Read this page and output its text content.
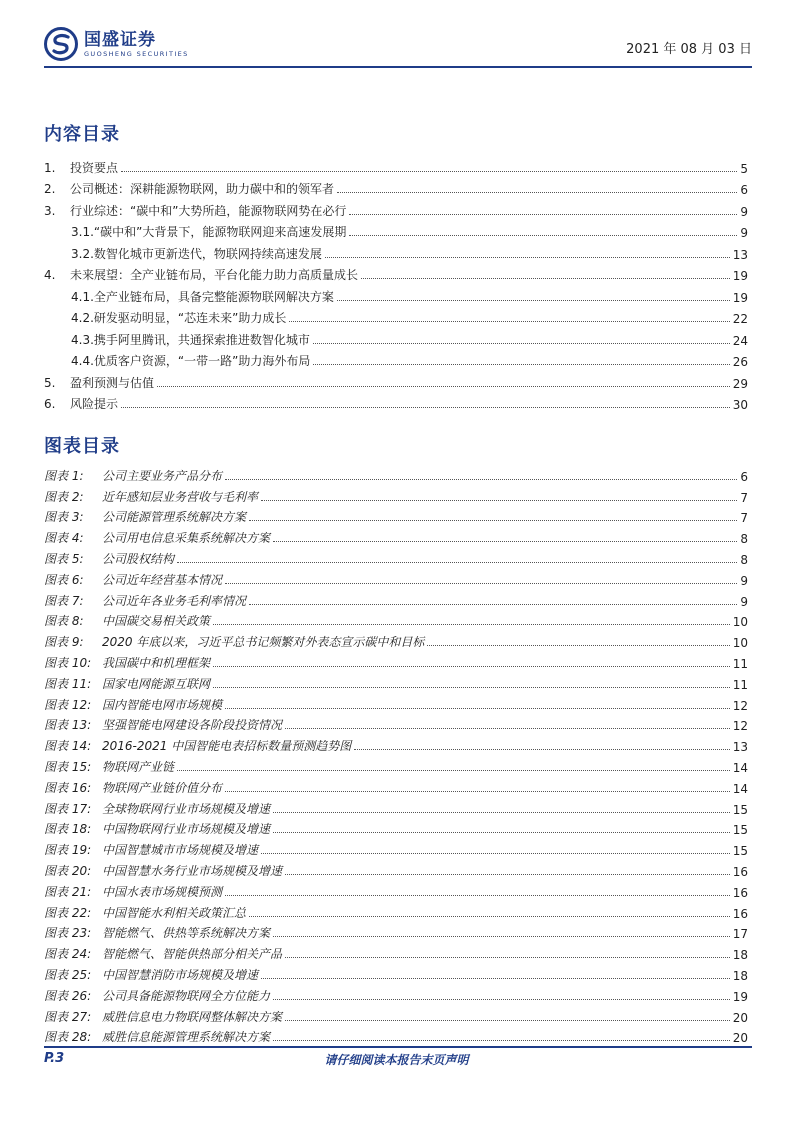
国盛证券
GUOSHENG SECURITIES	2021 年 08 月 03 日
内容目录
1. 投资要点	5
2. 公司概述：深耕能源物联网，助力碳中和的领军者	6
3. 行业综述：“碳中和”大势所趋，能源物联网势在必行	9
3.1.“碳中和”大背景下，能源物联网迎来高速发展期	9
3.2.数智化城市更新迭代，物联网持续高速发展	13
4. 未来展望：全产业链布局，平台化能力助力高质量成长	19
4.1.全产业链布局，具备完整能源物联网解决方案	19
4.2.研发驱动明显，“芯连未来”助力成长	22
4.3.携手阿里腾讯，共通探索推进数智化城市	24
4.4.优质客户资源，“一带一路”助力海外布局	26
5. 盈利预测与估值	29
6. 风险提示	30
图表目录
图表 1: 公司主要业务产品分布	6
图表 2: 近年感知层业务营收与毛利率	7
图表 3: 公司能源管理系统解决方案	7
图表 4: 公司用电信息采集系统解决方案	8
图表 5: 公司股权结构	8
图表 6: 公司近年经营基本情况	9
图表 7: 公司近年各业务毛利率情况	9
图表 8: 中国碳交易相关政策	10
图表 9: 2020 年底以来，习近平总书记频繁对外表态宣示碳中和目标	10
图表 10: 我国碳中和机理框架	11
图表 11: 国家电网能源互联网	11
图表 12: 国内智能电网市场规模	12
图表 13: 坚强智能电网建设各阶段投资情况	12
图表 14: 2016-2021 中国智能电表招标数量预测趋势图	13
图表 15: 物联网产业链	14
图表 16: 物联网产业链价值分布	14
图表 17: 全球物联网行业市场规模及增速	15
图表 18: 中国物联网行业市场规模及增速	15
图表 19: 中国智慧城市市场规模及增速	15
图表 20: 中国智慧水务行业市场规模及增速	16
图表 21: 中国水表市场规模预测	16
图表 22: 中国智能水利相关政策汇总	16
图表 23: 智能燃气、供热等系统解决方案	17
图表 24: 智能燃气、智能供热部分相关产品	18
图表 25: 中国智慧消防市场规模及增速	18
图表 26: 公司具备能源物联网全方位能力	19
图表 27: 威胜信息电力物联网整体解决方案	20
图表 28: 威胜信息能源管理系统解决方案	20
P.3	请仔细阅读本报告末页声明
